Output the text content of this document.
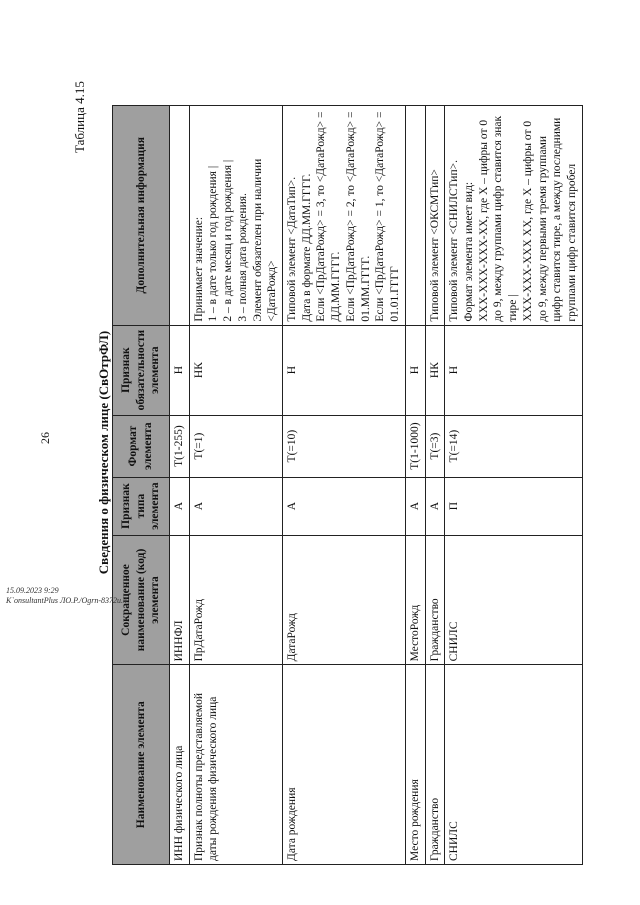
26
Таблица 4.15
Сведения о физическом лице (СвОтрФЛ)
Наименование элемента	Сокращенное наименование (код) элемента	Признак типа элемента	Формат элемента	Признак обязательности элемента	Дополнительная информация
ИНН физического лица	ИННФЛ	А	T(1-255)	Н	
Признак полноты представляемой даты рождения физического лица	ПрДатаРожд	А	T(=1)	НК	Принимает значение: 1 – в дате только год рождения | 2 – в дате месяц и год рождения | 3 – полная дата рождения. Элемент обязателен при наличии <ДатаРожд>

Дата рождения	ДатаРожд	А	T(=10)	Н	Типовой элемент <ДатаТип>. Дата в формате ДД.ММ.ГГГГ. Если <ПрДатаРожд> = 3, то <ДатаРожд> = ДД.ММ.ГГГГ. Если <ПрДатаРожд> = 2, то <ДатаРожд> = 01.ММ.ГГГГ. Если <ПрДатаРожд> = 1, то <ДатаРожд> = 01.01.ГГГГ

Место рождения	МестоРожд	А	T(1-1000)	Н	
Гражданство	Гражданство	А	T(=3)	НК	Типовой элемент <ОКСМТип>

СНИЛС	СНИЛС	П	T(=14)	Н	Типовой элемент <СНИЛСТип>. Формат элемента имеет вид: XXX-XXX-XXX-XX, где X – цифры от 0 до 9, между группами цифр ставится знак тире | XXX-XXX-XXX XX, где X – цифры от 0 до 9, между первыми тремя группами цифр ставится тире, а между последними группами цифр ставится пробел
15.09.2023 9:29
К`onsultantPlus ЛО.Р./Ogrn-8372u.4
